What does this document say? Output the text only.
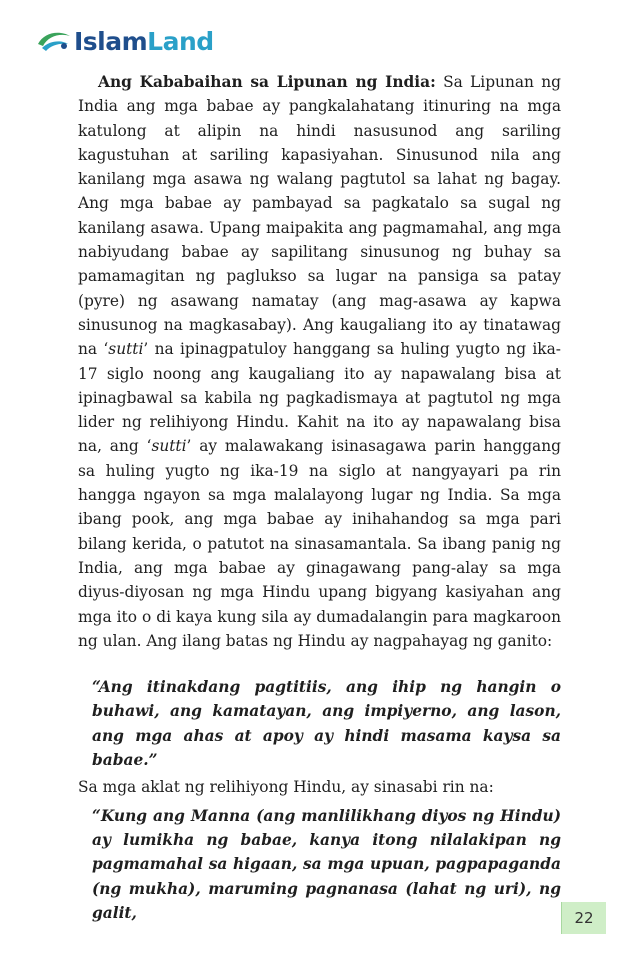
Islam Land

Ang Kababaihan sa Lipunan ng India: Sa Lipunan ng India ang mga babae ay pangkalahatang itinuring na mga katulong at alipin na hindi nasusunod ang sariling kagustuhan at sariling kapasiyahan. Sinusunod nila ang kanilang mga asawa ng walang pagtutol sa lahat ng bagay. Ang mga babae ay pambayad sa pagkatalo sa sugal ng kanilang asawa. Upang maipakita ang pagmamahal, ang mga nabiyudang babae ay sapilitang sinusunog ng buhay sa pamamagitan ng paglukso sa lugar na pansiga sa patay (pyre) ng asawang namatay (ang mag-asawa ay kapwa sinusunog na magkasabay). Ang kaugaliang ito ay tinatawag na ‘sutti’ na ipinagpatuloy hanggang sa huling yugto ng ika-17 siglo noong ang kaugaliang ito ay napawalang bisa at ipinagbawal sa kabila ng pagkadismaya at pagtutol ng mga lider ng relihiyong Hindu. Kahit na ito ay napawalang bisa na, ang ‘sutti’ ay malawakang isinasagawa parin hanggang sa huling yugto ng ika-19 na siglo at nangyayari pa rin hangga ngayon sa mga malalayong lugar ng India. Sa mga ibang pook, ang mga babae ay inihahandog sa mga pari bilang kerida, o patutot na sinasamantala. Sa ibang panig ng India, ang mga babae ay ginagawang pang-alay sa mga diyus-diyosan ng mga Hindu upang bigyang kasiyahan ang mga ito o di kaya kung sila ay dumadalangin para magkaroon ng ulan. Ang ilang batas ng Hindu ay nagpahayag ng ganito:

“Ang itinakdang pagtitiis, ang ihip ng hangin o buhawi, ang kamatayan, ang impiyerno, ang lason, ang mga ahas at apoy ay hindi masama kaysa sa babae.”

Sa mga aklat ng relihiyong Hindu, ay sinasabi rin na:

“Kung ang Manna (ang manlilikhang diyos ng Hindu) ay lumikha ng babae, kanya itong nilalakipan ng pagmamahal sa higaan, sa mga upuan, pagpapaganda (ng mukha), maruming pagnanasa (lahat ng uri), ng galit,	22
